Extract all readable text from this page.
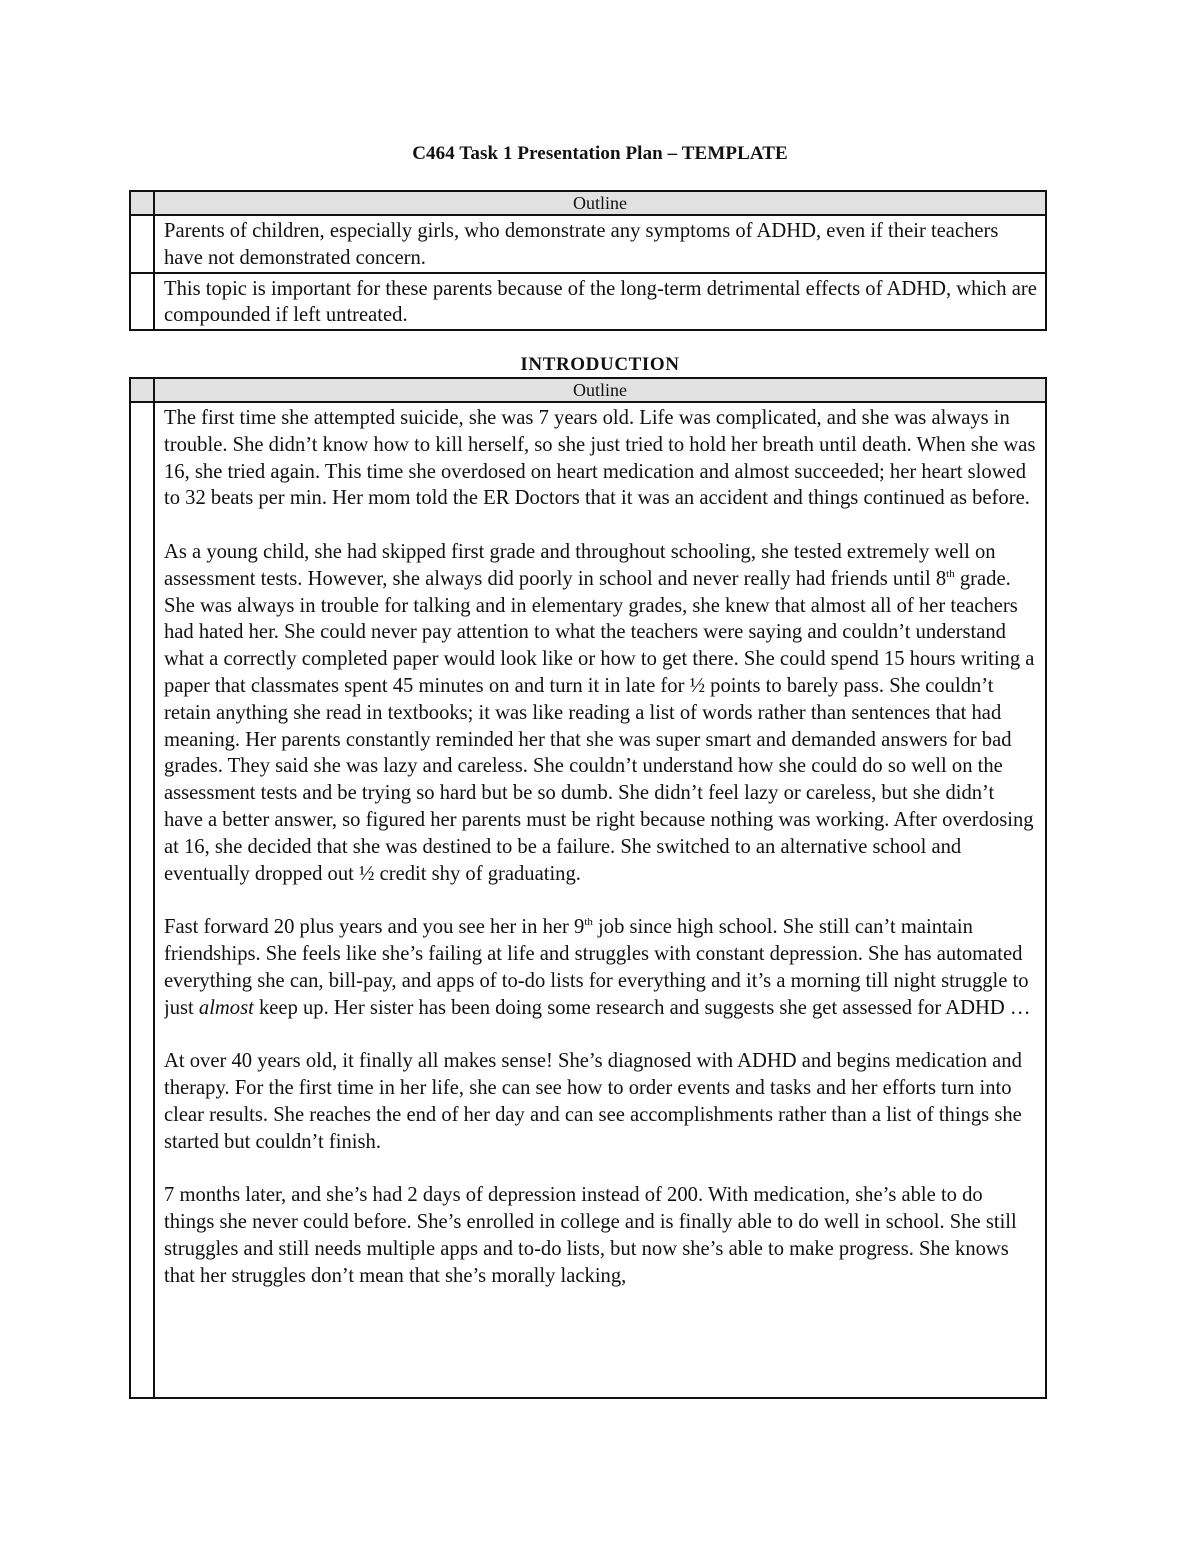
C464 Task 1 Presentation Plan – TEMPLATE
	Outline
	Parents of children, especially girls, who demonstrate any symptoms of ADHD, even if their teachers have not demonstrated concern.
	This topic is important for these parents because of the long-term detrimental effects of ADHD, which are compounded if left untreated.
INTRODUCTION
	Outline

	The first time she attempted suicide, she was 7 years old. Life was complicated, and she was always in trouble. She didn’t know how to kill herself, so she just tried to hold her breath until death. When she was 16, she tried again. This time she overdosed on heart medication and almost succeeded; her heart slowed to 32 beats per min. Her mom told the ER Doctors that it was an accident and things continued as before.

As a young child, she had skipped first grade and throughout schooling, she tested extremely well on assessment tests. However, she always did poorly in school and never really had friends until 8th grade. She was always in trouble for talking and in elementary grades, she knew that almost all of her teachers had hated her. She could never pay attention to what the teachers were saying and couldn’t understand what a correctly completed paper would look like or how to get there. She could spend 15 hours writing a paper that classmates spent 45 minutes on and turn it in late for ½ points to barely pass. She couldn’t retain anything she read in textbooks; it was like reading a list of words rather than sentences that had meaning. Her parents constantly reminded her that she was super smart and demanded answers for bad grades. They said she was lazy and careless. She couldn’t understand how she could do so well on the assessment tests and be trying so hard but be so dumb. She didn’t feel lazy or careless, but she didn’t have a better answer, so figured her parents must be right because nothing was working. After overdosing at 16, she decided that she was destined to be a failure. She switched to an alternative school and eventually dropped out ½ credit shy of graduating.

Fast forward 20 plus years and you see her in her 9th job since high school. She still can’t maintain friendships. She feels like she’s failing at life and struggles with constant depression. She has automated everything she can, bill-pay, and apps of to-do lists for everything and it’s a morning till night struggle to just almost keep up. Her sister has been doing some research and suggests she get assessed for ADHD …

At over 40 years old, it finally all makes sense! She’s diagnosed with ADHD and begins medication and therapy. For the first time in her life, she can see how to order events and tasks and her efforts turn into clear results. She reaches the end of her day and can see accomplishments rather than a list of things she started but couldn’t finish.

7 months later, and she’s had 2 days of depression instead of 200. With medication, she’s able to do things she never could before. She’s enrolled in college and is finally able to do well in school. She still struggles and still needs multiple apps and to-do lists, but now she’s able to make progress. She knows that her struggles don’t mean that she’s morally lacking,
